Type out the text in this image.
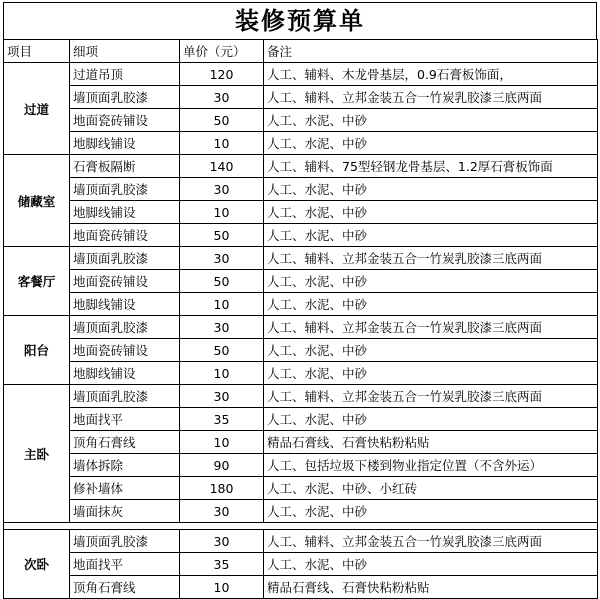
装修预算单
项目	细项	单价（元）	备注
过道	过道吊顶	120	人工、辅料、木龙骨基层，0.9石膏板饰面，
	墙顶面乳胶漆	30	人工、辅料、立邦金装五合一竹炭乳胶漆三底两面
	地面瓷砖铺设	50	人工、水泥、中砂
	地脚线铺设	10	人工、水泥、中砂
储藏室	石膏板隔断	140	人工、辅料、75型轻钢龙骨基层、1.2厚石膏板饰面
	墙顶面乳胶漆	30	人工、水泥、中砂
	地脚线铺设	10	人工、水泥、中砂
	地面瓷砖铺设	50	人工、水泥、中砂
客餐厅	墙顶面乳胶漆	30	人工、辅料、立邦金装五合一竹炭乳胶漆三底两面
	地面瓷砖铺设	50	人工、水泥、中砂
	地脚线铺设	10	人工、水泥、中砂
阳台	墙顶面乳胶漆	30	人工、辅料、立邦金装五合一竹炭乳胶漆三底两面
	地面瓷砖铺设	50	人工、水泥、中砂
	地脚线铺设	10	人工、水泥、中砂
主卧	墙顶面乳胶漆	30	人工、辅料、立邦金装五合一竹炭乳胶漆三底两面
	地面找平	35	人工、水泥、中砂
	顶角石膏线	10	精品石膏线、石膏快粘粉粘贴
	墙体拆除	90	人工、包括垃圾下楼到物业指定位置（不含外运）
	修补墙体	180	人工、水泥、中砂、小红砖
	墙面抹灰	30	人工、水泥、中砂

次卧	墙顶面乳胶漆	30	人工、辅料、立邦金装五合一竹炭乳胶漆三底两面
	地面找平	35	人工、水泥、中砂
	顶角石膏线	10	精品石膏线、石膏快粘粉粘贴
